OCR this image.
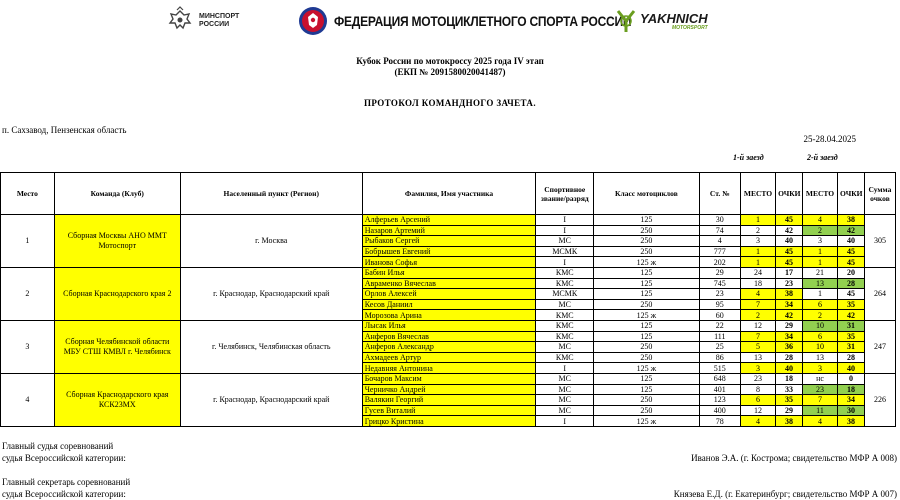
МИНСПОРТ
РОССИИ	ФЕДЕРАЦИЯ МОТОЦИКЛЕТНОГО СПОРТА РОССИИ YAKHNICH
MOTORSPORT
Кубок России по мотокроссу 2025 года IV этап
(ЕКП № 2091580020041487)
ПРОТОКОЛ КОМАНДНОГО ЗАЧЕТА.
п. Сахзавод, Пензенская область
25-28.04.2025
1-й заезд	2-й заезд
Место	Команда (Клуб)	Населенный пункт (Регион)	Фамилия, Имя участника	Спортивное звание/разряд	Класс мотоциклов	Ст. №	МЕСТО	ОЧКИ	МЕСТО	ОЧКИ	Сумма очков
1	Сборная Москвы АНО ММТ Мотоспорт	г. Москва	Алферьев Арсений	I	125	30	1	45	4	38	305
			Назаров Артемий	I	250	74	2	42	2	42	
			Рыбаков Сергей	МС	250	4	3	40	3	40	
			Бобрышев Евгений	МСМК	250	777	1	45	1	45	
			Иванова Софья	I	125 ж	202	1	45	1	45	
2	Сборная Краснодарского края 2	г. Краснодар, Краснодарский край	Бабин Илья	КМС	125	29	24	17	21	20	264
			Авраменко Вячеслав	КМС	125	745	18	23	13	28	
			Орлов Алексей	МСМК	125	23	4	38	1	45	
			Кесов Даниил	МС	250	95	7	34	6	35	
			Морозова Арина	КМС	125 ж	60	2	42	2	42	
3	Сборная Челябинской области МБУ СТШ КМВЛ г. Челябинск	г. Челябинск, Челябинская область	Лысак Илья	КМС	125	22	12	29	10	31	247
			Анферов Вячеслав	КМС	125	111	7	34	6	35	
			Анферов Александр	МС	250	25	5	36	10	31	
			Ахмадеев Артур	КМС	250	86	13	28	13	28	
			Недавняя Антонина	I	125 ж	515	3	40	3	40	
4	Сборная Краснодарского края КСК23МХ	г. Краснодар, Краснодарский край	Бочаров Максим	МС	125	648	23	18	нс	0	226
			Черничко Андрей	МС	125	401	8	33	23	18	
			Валякин Георгий	МС	250	123	6	35	7	34	
			Гусев Виталий	МС	250	400	12	29	11	30	
			Грицко Кристина	I	125 ж	78	4	38	4	38	
Главный судья соревнований
судья Всероссийской категории:	Иванов Э.А. (г. Кострома; свидетельство МФР А 008)
Главный секретарь соревнований
судья Всероссийской категории:	Князева Е.Д. (г. Екатеринбург; свидетельство МФР А 007)
